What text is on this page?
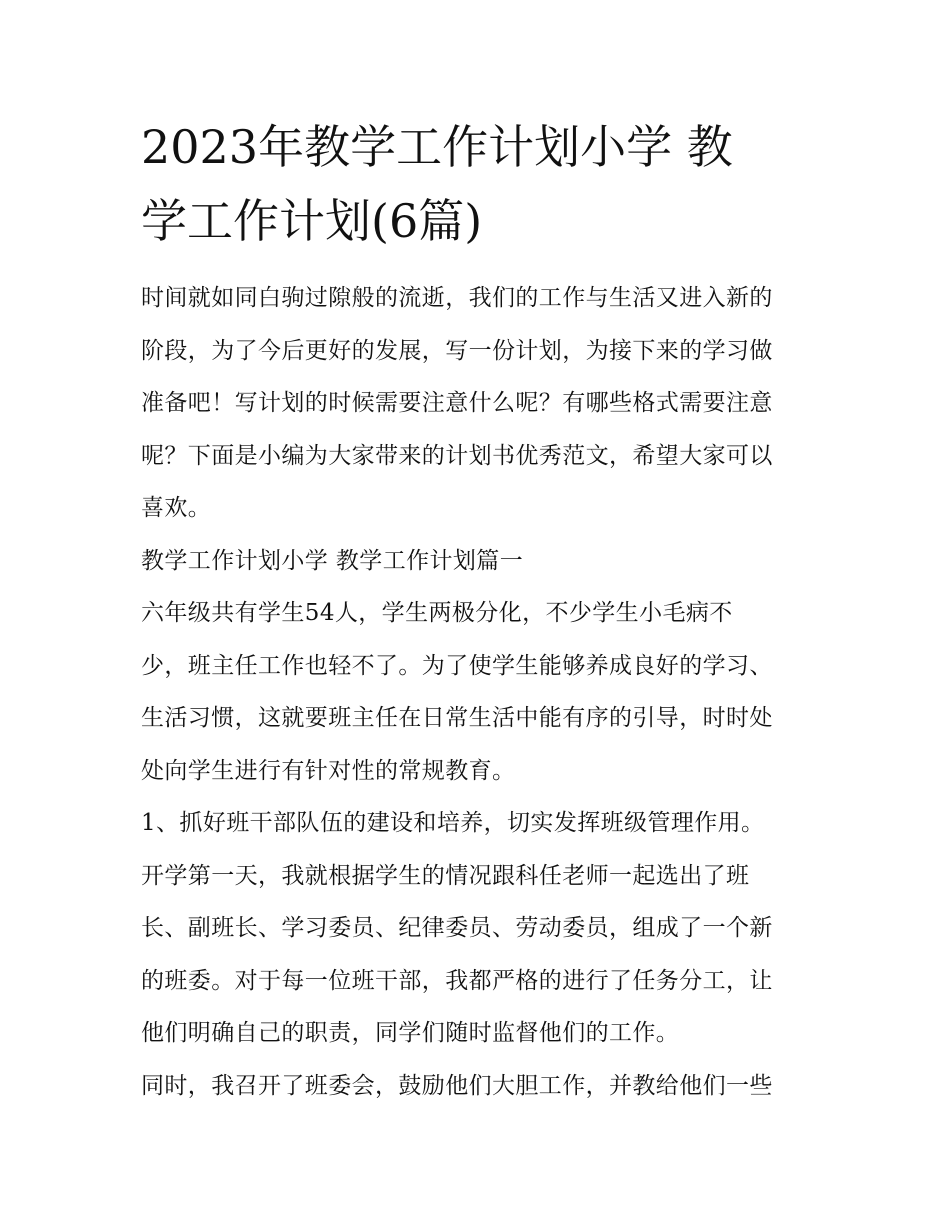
2023年教学工作计划小学 教
学工作计划(6篇)
时间就如同白驹过隙般的流逝，我们的工作与生活又进入新的
阶段，为了今后更好的发展，写一份计划，为接下来的学习做
准备吧！写计划的时候需要注意什么呢？有哪些格式需要注意
呢？下面是小编为大家带来的计划书优秀范文，希望大家可以
喜欢。
教学工作计划小学 教学工作计划篇一
六年级共有学生54人，学生两极分化，不少学生小毛病不
少，班主任工作也轻不了。为了使学生能够养成良好的学习、
生活习惯，这就要班主任在日常生活中能有序的引导，时时处
处向学生进行有针对性的常规教育。
1、抓好班干部队伍的建设和培养，切实发挥班级管理作用。
开学第一天，我就根据学生的情况跟科任老师一起选出了班
长、副班长、学习委员、纪律委员、劳动委员，组成了一个新
的班委。对于每一位班干部，我都严格的进行了任务分工，让
他们明确自己的职责，同学们随时监督他们的工作。
同时，我召开了班委会，鼓励他们大胆工作，并教给他们一些
